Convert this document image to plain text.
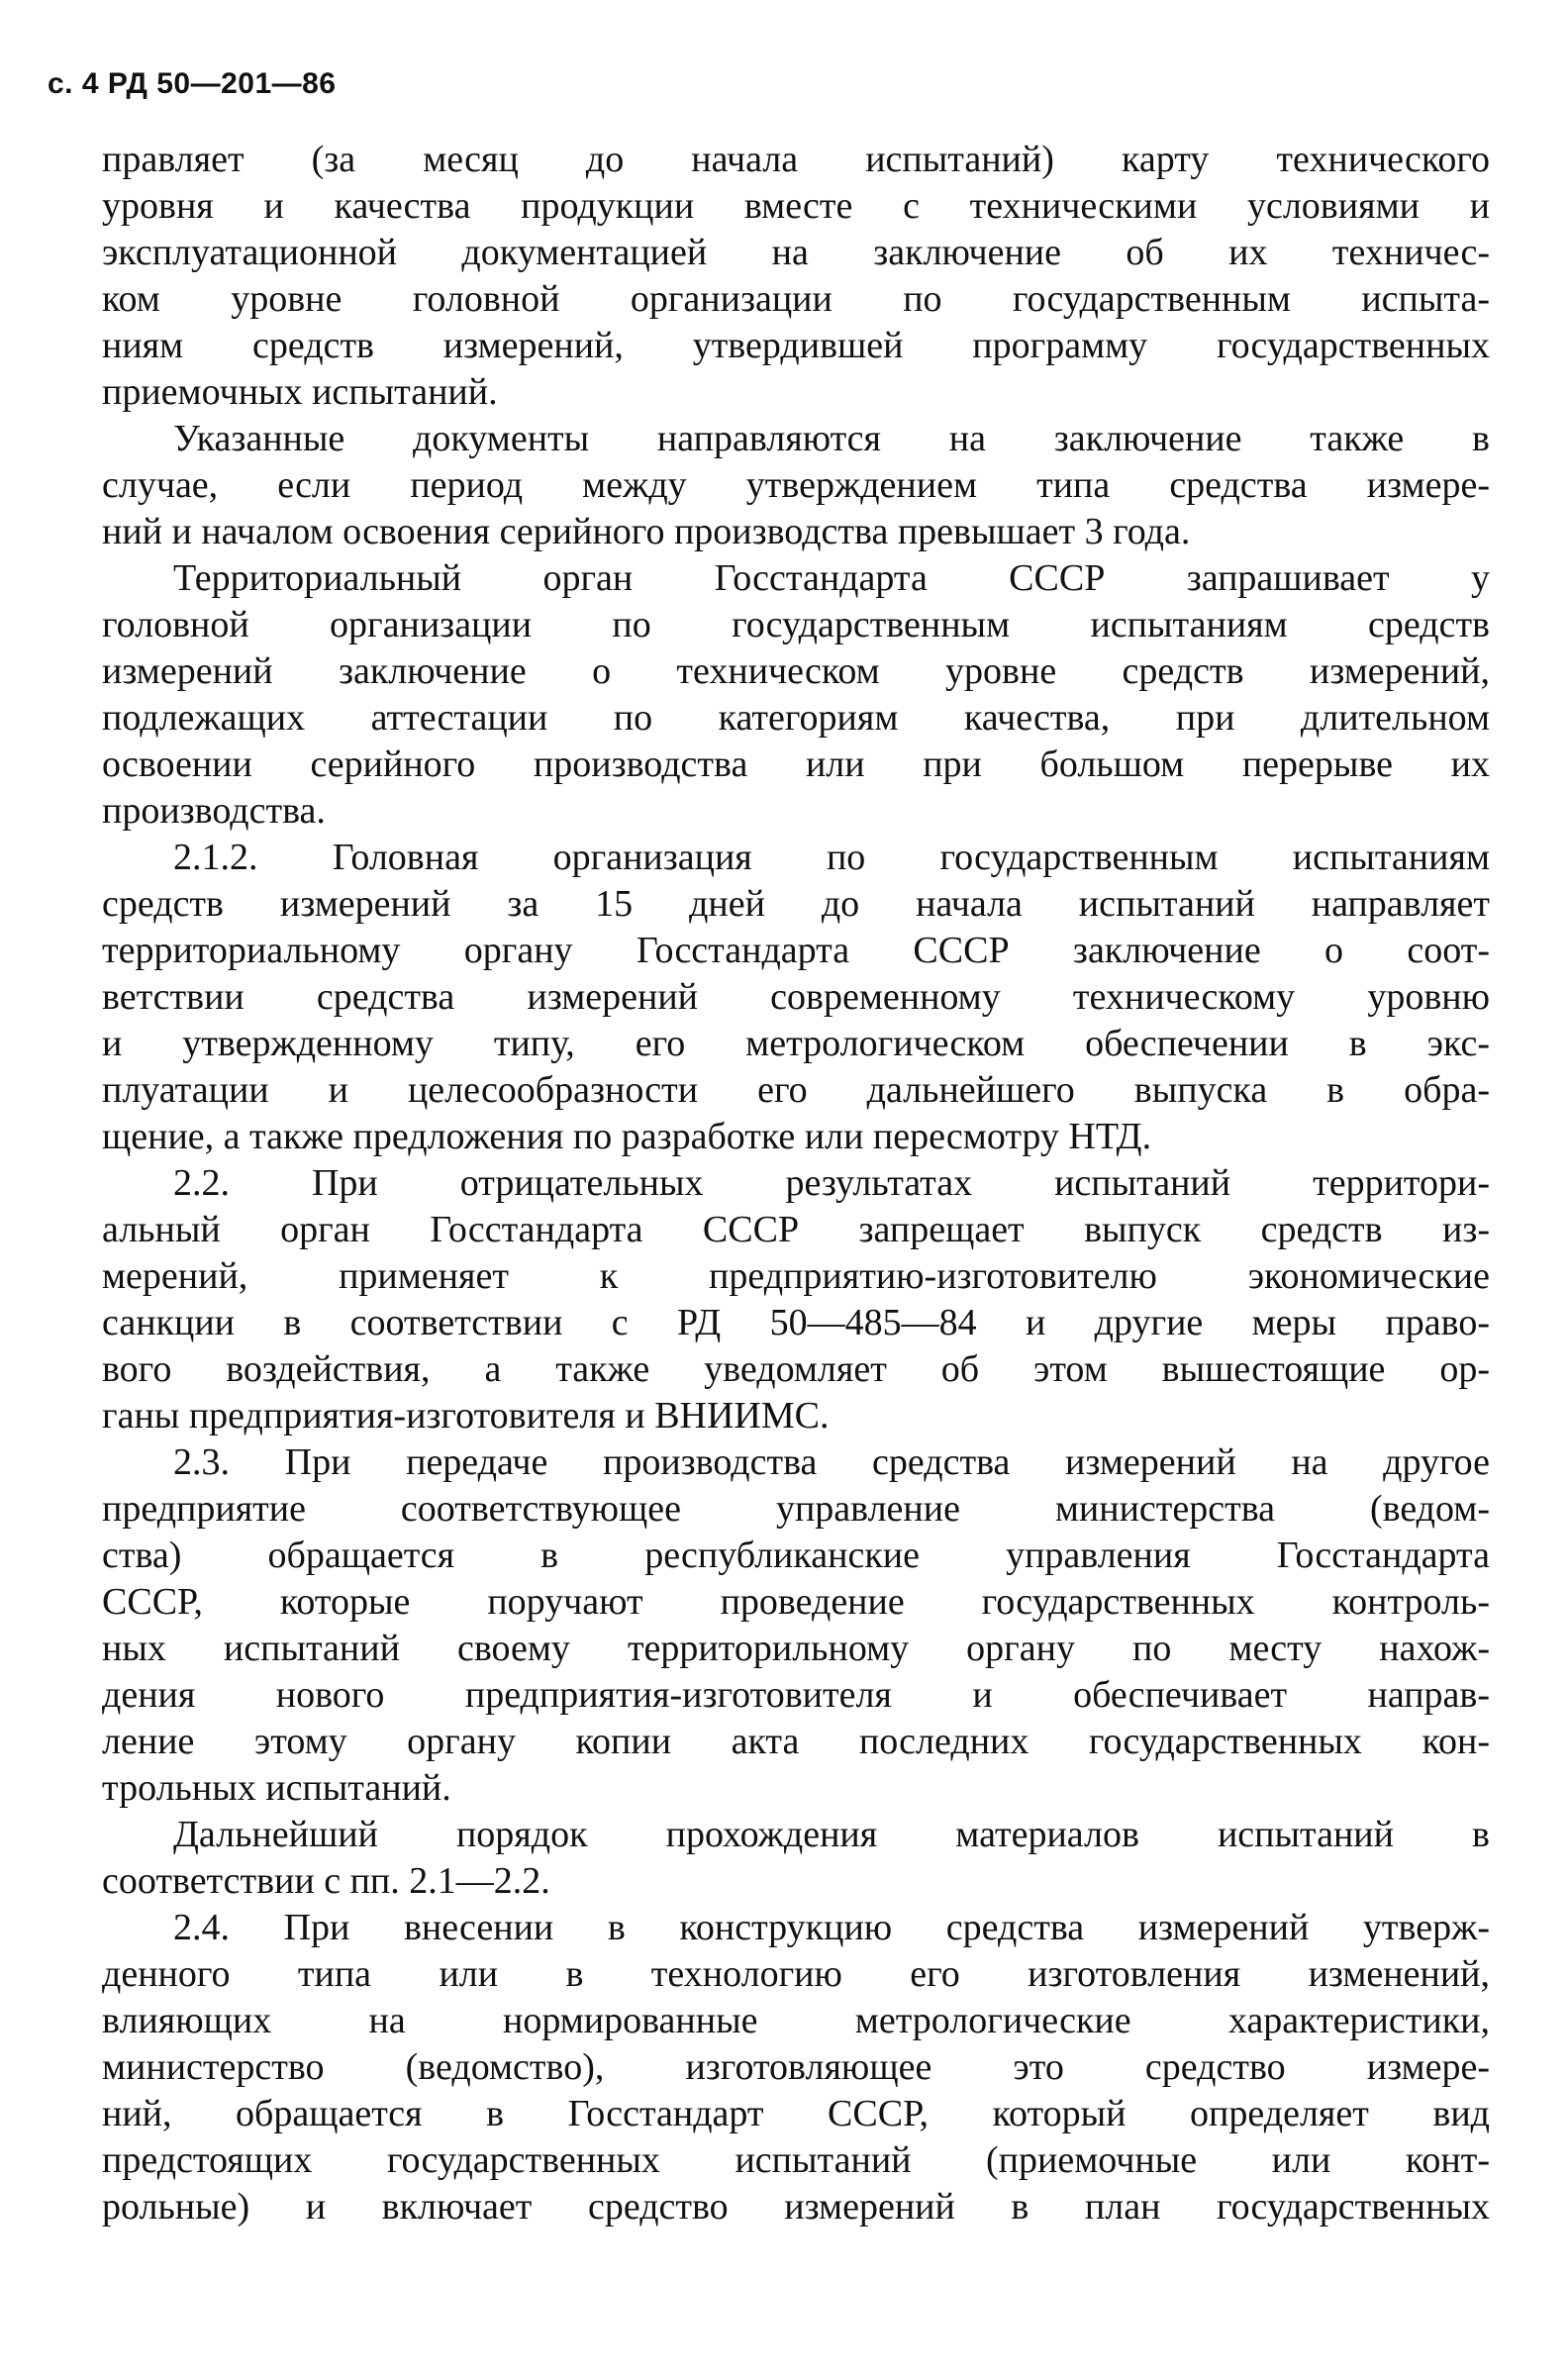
с. 4 РД 50—201—86
правляет (за месяц до начала испытаний) карту технического
уровня и качества продукции вместе с техническими условиями и
эксплуатационной документацией на заключение об их техничес-
ком уровне головной организации по государственным испыта-
ниям средств измерений, утвердившей программу государственных
приемочных испытаний.
Указанные документы направляются на заключение также в
случае, если период между утверждением типа средства измере-
ний и началом освоения серийного производства превышает 3 года.
Территориальный орган Госстандарта СССР запрашивает у
головной организации по государственным испытаниям средств
измерений заключение о техническом уровне средств измерений,
подлежащих аттестации по категориям качества, при длительном
освоении серийного производства или при большом перерыве их
производства.
2.1.2. Головная организация по государственным испытаниям
средств измерений за 15 дней до начала испытаний направляет
территориальному органу Госстандарта СССР заключение о соот-
ветствии средства измерений современному техническому уровню
и утвержденному типу, его метрологическом обеспечении в экс-
плуатации и целесообразности его дальнейшего выпуска в обра-
щение, а также предложения по разработке или пересмотру НТД.
2.2. При отрицательных результатах испытаний территори-
альный орган Госстандарта СССР запрещает выпуск средств из-
мерений, применяет к предприятию-изготовителю экономические
санкции в соответствии с РД 50—485—84 и другие меры право-
вого воздействия, а также уведомляет об этом вышестоящие ор-
ганы предприятия-изготовителя и ВНИИМС.
2.3. При передаче производства средства измерений на другое
предприятие соответствующее управление министерства (ведом-
ства) обращается в республиканские управления Госстандарта
СССР, которые поручают проведение государственных контроль-
ных испытаний своему территорильному органу по месту нахож-
дения нового предприятия-изготовителя и обеспечивает направ-
ление этому органу копии акта последних государственных кон-
трольных испытаний.
Дальнейший порядок прохождения материалов испытаний в
соответствии с пп. 2.1—2.2.
2.4. При внесении в конструкцию средства измерений утверж-
денного типа или в технологию его изготовления изменений,
влияющих на нормированные метрологические характеристики,
министерство (ведомство), изготовляющее это средство измере-
ний, обращается в Госстандарт СССР, который определяет вид
предстоящих государственных испытаний (приемочные или конт-
рольные) и включает средство измерений в план государственных
